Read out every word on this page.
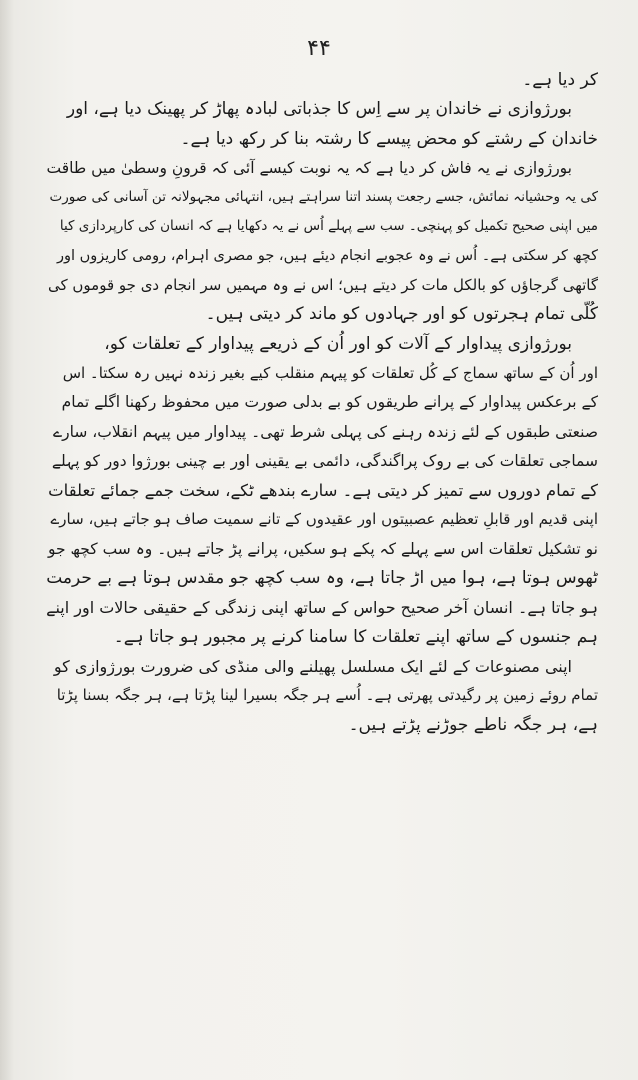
۴۴
کر دیا ہے۔
بورژوازی نے خاندان پر سے اِس کا جذباتی لبادہ پھاڑ کر پھینک دیا ہے، اور
خاندان کے رشتے کو محض پیسے کا رشتہ بنا کر رکھ دیا ہے۔
بورژوازی نے یہ فاش کر دیا ہے کہ یہ نوبت کیسے آئی کہ قرونِ وسطیٰ میں طاقت
کی یہ وحشیانہ نمائش، جسے رجعت پسند اتنا سراہتے ہیں، انتہائی مجہولانہ تن آسانی کی صورت
میں اپنی صحیح تکمیل کو پہنچی۔ سب سے پہلے اُس نے یہ دکھایا ہے کہ انسان کی کارپردازی کیا
کچھ کر سکتی ہے۔ اُس نے وہ عجوبے انجام دیئے ہیں، جو مصری اہرام، رومی کاریزوں اور
گاتھی گرجاؤں کو بالکل مات کر دیتے ہیں؛ اس نے وہ مہمیں سر انجام دی جو قوموں کی
کُلّی تمام ہجرتوں کو اور جہادوں کو ماند کر دیتی ہیں۔
بورژوازی پیداوار کے آلات کو اور اُن کے ذریعے پیداوار کے تعلقات کو،
اور اُن کے ساتھ سماج کے کُل تعلقات کو پیہم منقلب کیے بغیر زندہ نہیں رہ سکتا۔ اس
کے برعکس پیداوار کے پرانے طریقوں کو بے بدلی صورت میں محفوظ رکھنا اگلے تمام
صنعتی طبقوں کے لئے زندہ رہنے کی پہلی شرط تھی۔ پیداوار میں پیہم انقلاب، سارے
سماجی تعلقات کی بے روک پراگندگی، دائمی بے یقینی اور بے چینی بورژوا دور کو پہلے
کے تمام دوروں سے تمیز کر دیتی ہے۔ سارے بندھے ٹکے، سخت جمے جمائے تعلقات
اپنی قدیم اور قابلِ تعظیم عصبیتوں اور عقیدوں کے تانے سمیت صاف ہو جاتے ہیں، سارے
نو تشکیل تعلقات اس سے پہلے کہ پکے ہو سکیں، پرانے پڑ جاتے ہیں۔ وہ سب کچھ جو
ٹھوس ہوتا ہے، ہوا میں اڑ جاتا ہے، وہ سب کچھ جو مقدس ہوتا ہے بے حرمت
ہو جاتا ہے۔ انسان آخر صحیح حواس کے ساتھ اپنی زندگی کے حقیقی حالات اور اپنے
ہم جنسوں کے ساتھ اپنے تعلقات کا سامنا کرنے پر مجبور ہو جاتا ہے۔
اپنی مصنوعات کے لئے ایک مسلسل پھیلنے والی منڈی کی ضرورت بورژوازی کو
تمام روئے زمین پر رگیدتی پھرتی ہے۔ اُسے ہر جگہ بسیرا لینا پڑتا ہے، ہر جگہ بسنا پڑتا
ہے، ہر جگہ ناطے جوڑنے پڑتے ہیں۔
